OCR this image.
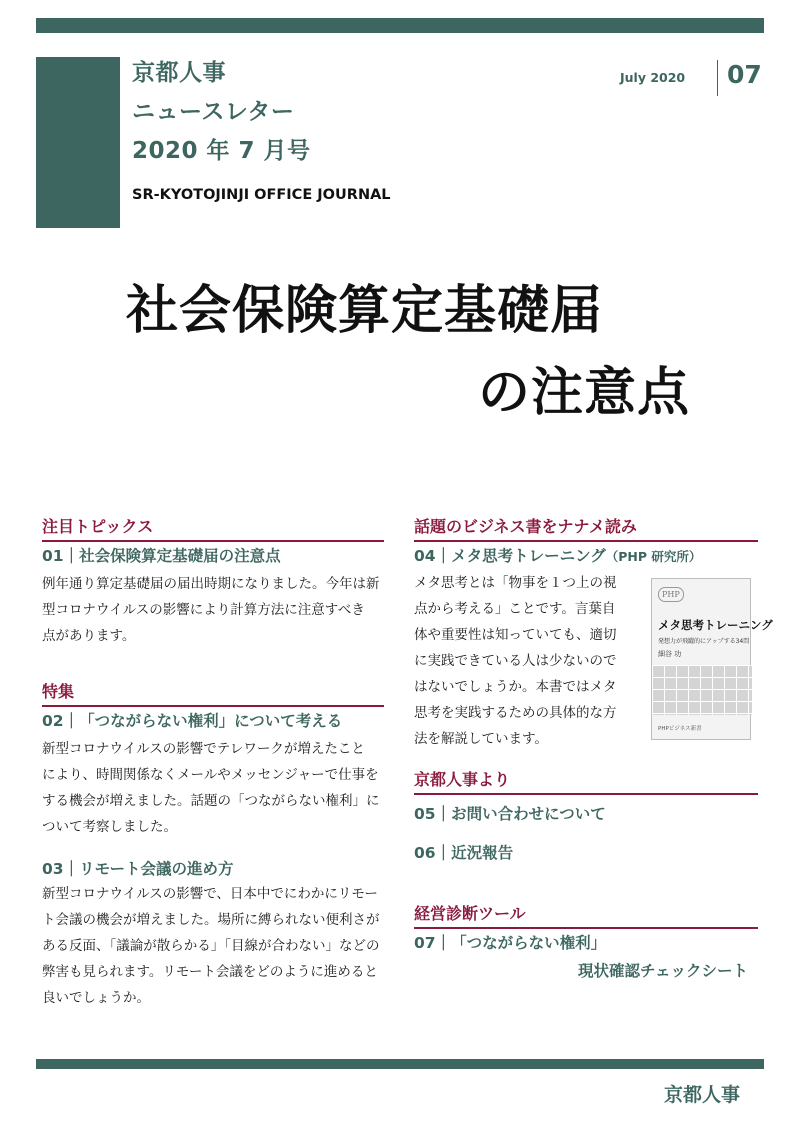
京都人事
ニュースレター
2020 年 7 月号
SR-KYOTOJINJI OFFICE JOURNAL
July 2020 07
社会保険算定基礎届
の注意点
注目トピックス
01｜社会保険算定基礎届の注意点
例年通り算定基礎届の届出時期になりました。今年は新
型コロナウイルスの影響により計算方法に注意すべき
点があります。
特集
02｜「つながらない権利」について考える
新型コロナウイルスの影響でテレワークが増えたこと
により、時間関係なくメールやメッセンジャーで仕事を
する機会が増えました。話題の「つながらない権利」に
ついて考察しました。
03｜リモート会議の進め方
新型コロナウイルスの影響で、日本中でにわかにリモー
ト会議の機会が増えました。場所に縛られない便利さが
ある反面、「議論が散らかる」「目線が合わない」などの
弊害も見られます。リモート会議をどのように進めると
良いでしょうか。
話題のビジネス書をナナメ読み
04｜メタ思考トレーニング（PHP 研究所）
メタ思考とは「物事を１つ上の視
点から考える」ことです。言葉自
体や重要性は知っていても、適切
に実践できている人は少ないので
はないでしょうか。本書ではメタ
思考を実践するための具体的な方
法を解説しています。
PHP
メタ思考トレーニング
発想力が飛躍的にアップする34問
細谷 功
PHPビジネス新書
京都人事より
05｜お問い合わせについて
06｜近況報告
経営診断ツール
07｜「つながらない権利」
現状確認チェックシート
京都人事
